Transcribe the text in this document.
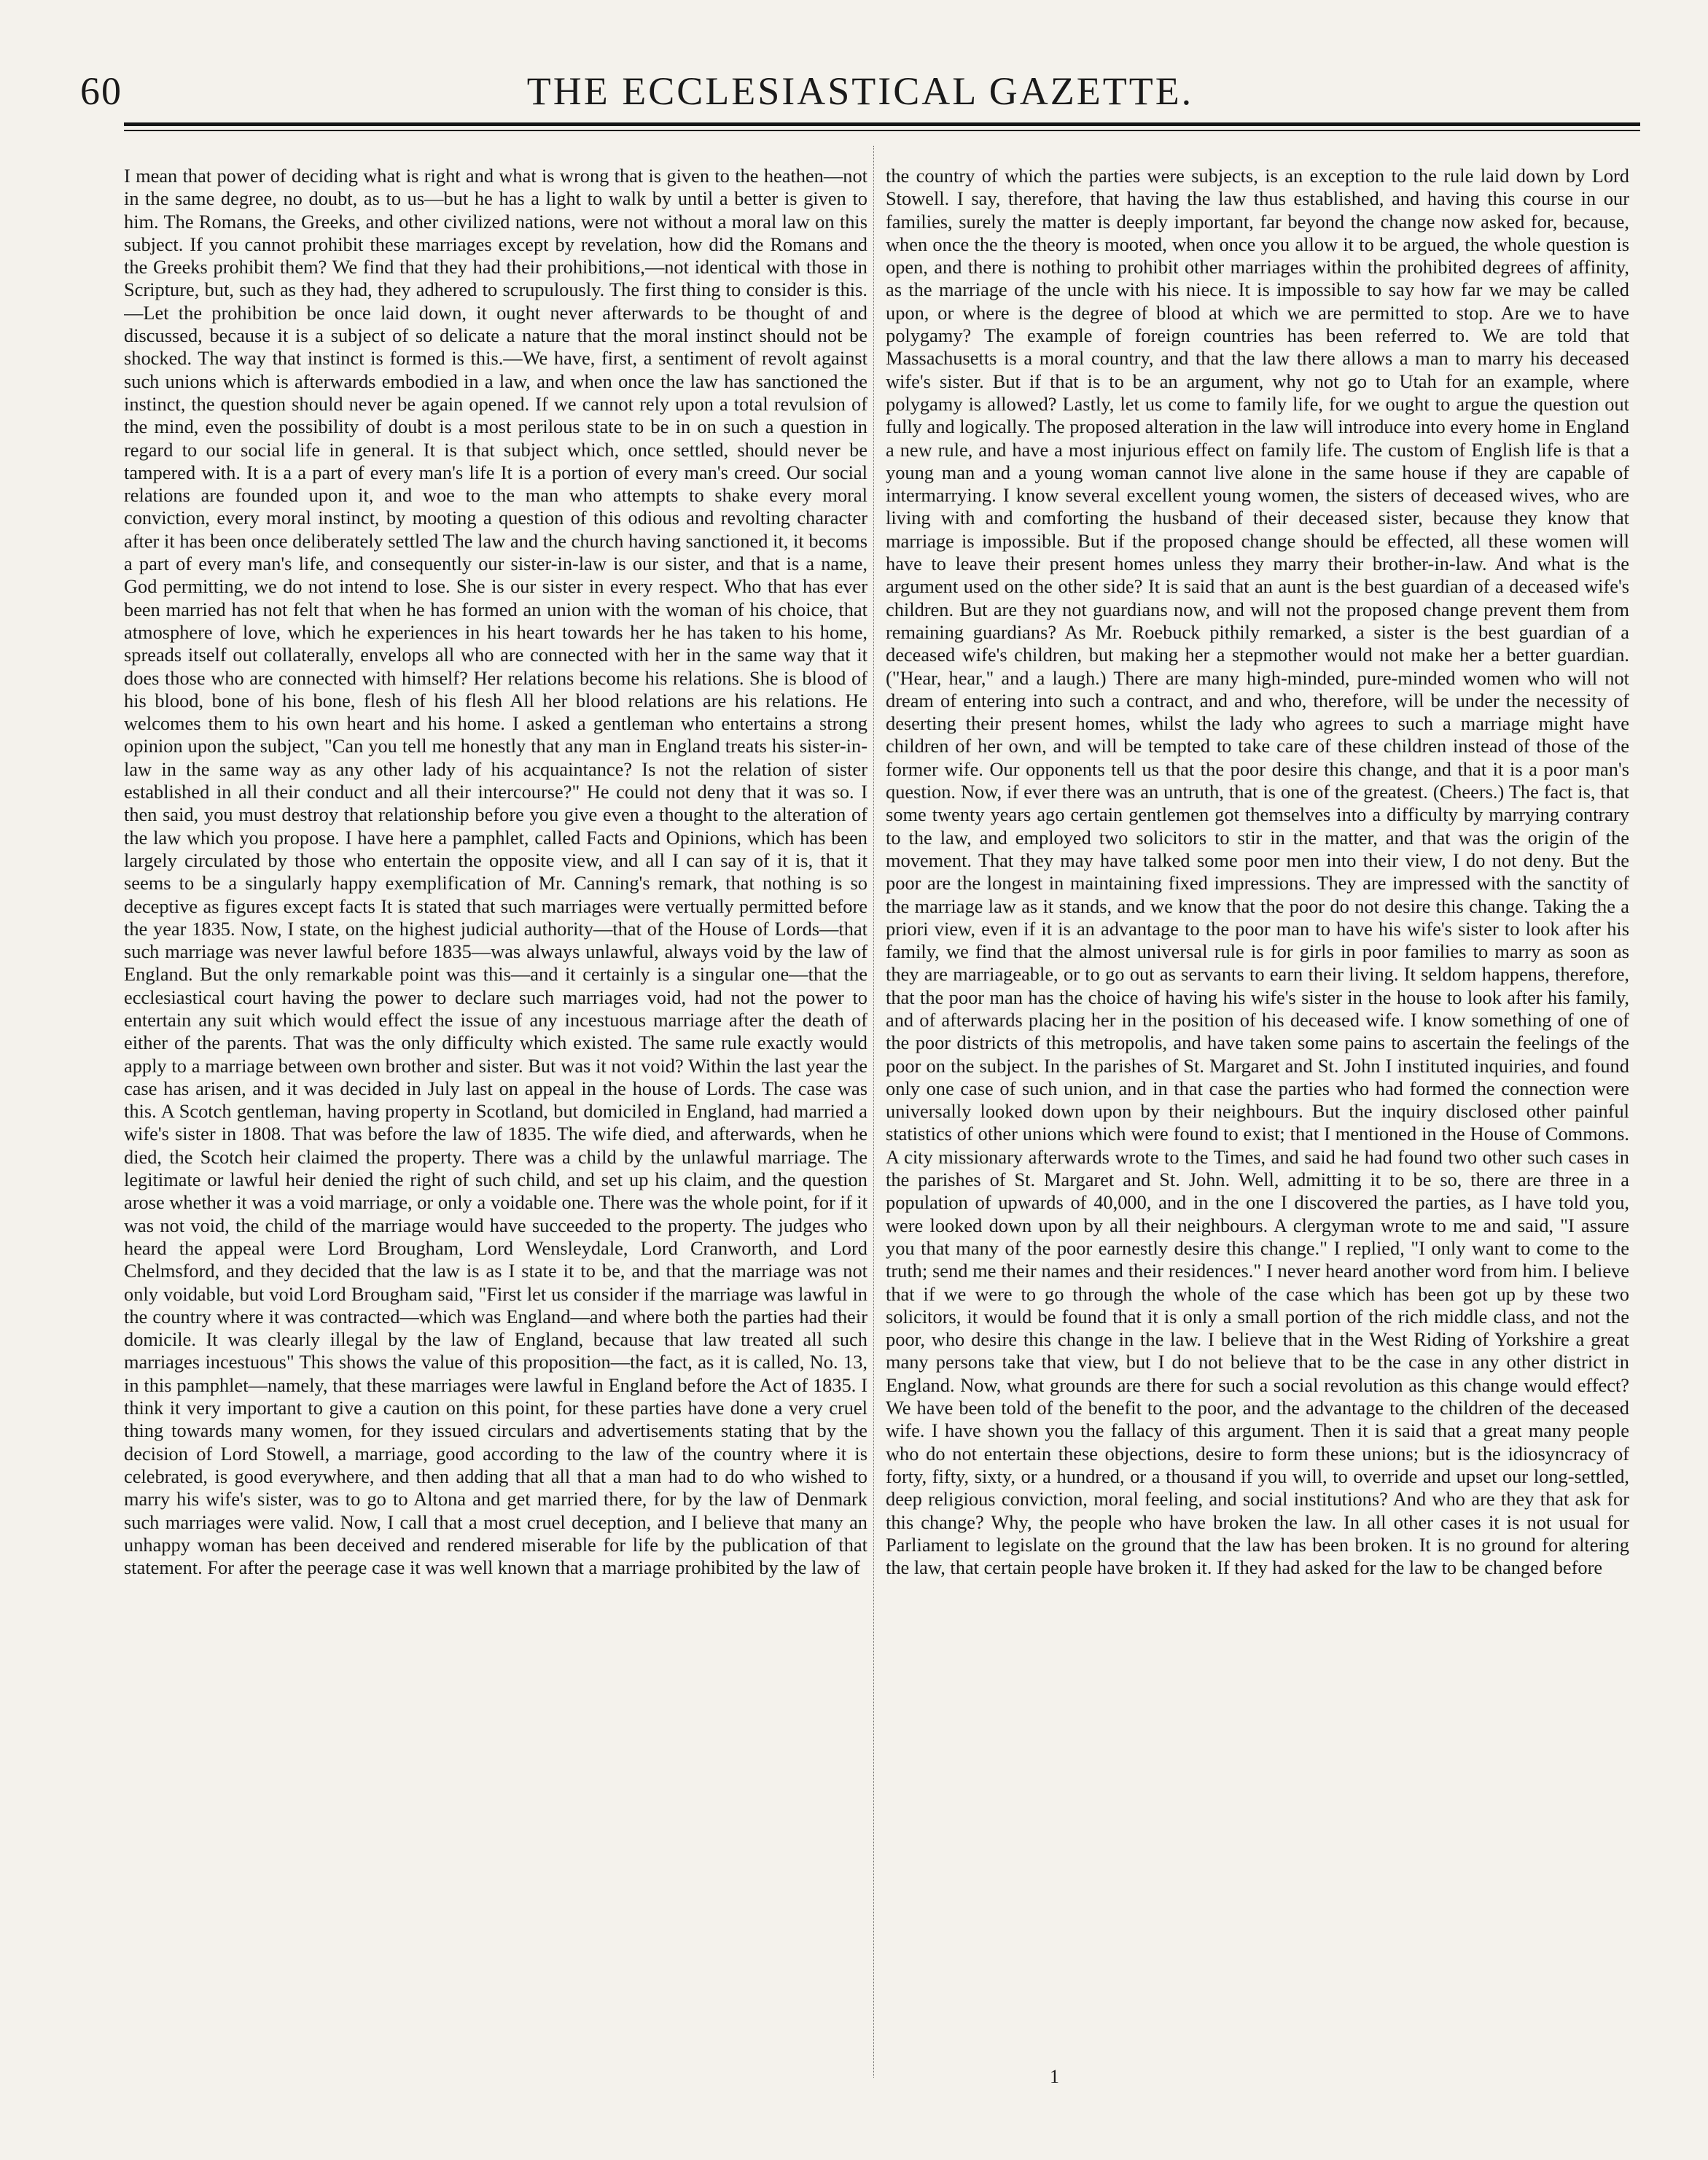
60	THE ECCLESIASTICAL GAZETTE.

I mean that power of deciding what is right and what is wrong that is given to the heathen—not in the same degree, no doubt, as to us—but he has a light to walk by until a better is given to him. The Romans, the Greeks, and other civilized nations, were not without a moral law on this subject. If you cannot prohibit these marriages except by revelation, how did the Romans and the Greeks prohibit them? We find that they had their prohibitions,—not identical with those in Scripture, but, such as they had, they adhered to scrupulously. The first thing to consider is this.—Let the prohibition be once laid down, it ought never afterwards to be thought of and discussed, because it is a subject of so delicate a nature that the moral instinct should not be shocked. The way that instinct is formed is this.—We have, first, a sentiment of revolt against such unions which is afterwards embodied in a law, and when once the law has sanctioned the instinct, the question should never be again opened. If we cannot rely upon a total revulsion of the mind, even the possibility of doubt is a most perilous state to be in on such a question in regard to our social life in general. It is that subject which, once settled, should never be tampered with. It is a a part of every man's life It is a portion of every man's creed. Our social relations are founded upon it, and woe to the man who attempts to shake every moral conviction, every moral instinct, by mooting a question of this odious and revolting character after it has been once deliberately settled The law and the church having sanctioned it, it becoms a part of every man's life, and consequently our sister-in-law is our sister, and that is a name, God permitting, we do not intend to lose. She is our sister in every respect. Who that has ever been married has not felt that when he has formed an union with the woman of his choice, that atmosphere of love, which he experiences in his heart towards her he has taken to his home, spreads itself out collaterally, envelops all who are connected with her in the same way that it does those who are connected with himself? Her relations become his relations. She is blood of his blood, bone of his bone, flesh of his flesh All her blood relations are his relations. He welcomes them to his own heart and his home. I asked a gentleman who entertains a strong opinion upon the subject, "Can you tell me honestly that any man in England treats his sister-in-law in the same way as any other lady of his acquaintance? Is not the relation of sister established in all their conduct and all their intercourse?" He could not deny that it was so. I then said, you must destroy that relationship before you give even a thought to the alteration of the law which you propose. I have here a pamphlet, called Facts and Opinions, which has been largely circulated by those who entertain the opposite view, and all I can say of it is, that it seems to be a singularly happy exemplification of Mr. Canning's remark, that nothing is so deceptive as figures except facts It is stated that such marriages were vertually permitted before the year 1835. Now, I state, on the highest judicial authority—that of the House of Lords—that such marriage was never lawful before 1835—was always unlawful, always void by the law of England. But the only remarkable point was this—and it certainly is a singular one—that the ecclesiastical court having the power to declare such marriages void, had not the power to entertain any suit which would effect the issue of any incestuous marriage after the death of either of the parents. That was the only difficulty which existed. The same rule exactly would apply to a marriage between own brother and sister. But was it not void? Within the last year the case has arisen, and it was decided in July last on appeal in the house of Lords. The case was this. A Scotch gentleman, having property in Scotland, but domiciled in England, had married a wife's sister in 1808. That was before the law of 1835. The wife died, and afterwards, when he died, the Scotch heir claimed the property. There was a child by the unlawful marriage. The legitimate or lawful heir denied the right of such child, and set up his claim, and the question arose whether it was a void marriage, or only a voidable one. There was the whole point, for if it was not void, the child of the marriage would have succeeded to the property. The judges who heard the appeal were Lord Brougham, Lord Wensleydale, Lord Cranworth, and Lord Chelmsford, and they decided that the law is as I state it to be, and that the marriage was not only voidable, but void Lord Brougham said, "First let us consider if the marriage was lawful in the country where it was contracted—which was England—and where both the parties had their domicile. It was clearly illegal by the law of England, because that law treated all such marriages incestuous" This shows the value of this proposition—the fact, as it is called, No. 13, in this pamphlet—namely, that these marriages were lawful in England before the Act of 1835. I think it very important to give a caution on this point, for these parties have done a very cruel thing towards many women, for they issued circulars and advertisements stating that by the decision of Lord Stowell, a marriage, good according to the law of the country where it is celebrated, is good everywhere, and then adding that all that a man had to do who wished to marry his wife's sister, was to go to Altona and get married there, for by the law of Denmark such marriages were valid. Now, I call that a most cruel deception, and I believe that many an unhappy woman has been deceived and rendered miserable for life by the publication of that statement. For after the peerage case it was well known that a marriage prohibited by the law of

the country of which the parties were subjects, is an exception to the rule laid down by Lord Stowell. I say, therefore, that having the law thus established, and having this course in our families, surely the matter is deeply important, far beyond the change now asked for, because, when once the the theory is mooted, when once you allow it to be argued, the whole question is open, and there is nothing to prohibit other marriages within the prohibited degrees of affinity, as the marriage of the uncle with his niece. It is impossible to say how far we may be called upon, or where is the degree of blood at which we are permitted to stop. Are we to have polygamy? The example of foreign countries has been referred to. We are told that Massachusetts is a moral country, and that the law there allows a man to marry his deceased wife's sister. But if that is to be an argument, why not go to Utah for an example, where polygamy is allowed? Lastly, let us come to family life, for we ought to argue the question out fully and logically. The proposed alteration in the law will introduce into every home in England a new rule, and have a most injurious effect on family life. The custom of English life is that a young man and a young woman cannot live alone in the same house if they are capable of intermarrying. I know several excellent young women, the sisters of deceased wives, who are living with and comforting the husband of their deceased sister, because they know that marriage is impossible. But if the proposed change should be effected, all these women will have to leave their present homes unless they marry their brother-in-law. And what is the argument used on the other side? It is said that an aunt is the best guardian of a deceased wife's children. But are they not guardians now, and will not the proposed change prevent them from remaining guardians? As Mr. Roebuck pithily remarked, a sister is the best guardian of a deceased wife's children, but making her a stepmother would not make her a better guardian. ("Hear, hear," and a laugh.) There are many high-minded, pure-minded women who will not dream of entering into such a contract, and and who, therefore, will be under the necessity of deserting their present homes, whilst the lady who agrees to such a marriage might have children of her own, and will be tempted to take care of these children instead of those of the former wife. Our opponents tell us that the poor desire this change, and that it is a poor man's question. Now, if ever there was an untruth, that is one of the greatest. (Cheers.) The fact is, that some twenty years ago certain gentlemen got themselves into a difficulty by marrying contrary to the law, and employed two solicitors to stir in the matter, and that was the origin of the movement. That they may have talked some poor men into their view, I do not deny. But the poor are the longest in maintaining fixed impressions. They are impressed with the sanctity of the marriage law as it stands, and we know that the poor do not desire this change. Taking the a priori view, even if it is an advantage to the poor man to have his wife's sister to look after his family, we find that the almost universal rule is for girls in poor families to marry as soon as they are marriageable, or to go out as servants to earn their living. It seldom happens, therefore, that the poor man has the choice of having his wife's sister in the house to look after his family, and of afterwards placing her in the position of his deceased wife. I know something of one of the poor districts of this metropolis, and have taken some pains to ascertain the feelings of the poor on the subject. In the parishes of St. Margaret and St. John I instituted inquiries, and found only one case of such union, and in that case the parties who had formed the connection were universally looked down upon by their neighbours. But the inquiry disclosed other painful statistics of other unions which were found to exist; that I mentioned in the House of Commons. A city missionary afterwards wrote to the Times, and said he had found two other such cases in the parishes of St. Margaret and St. John. Well, admitting it to be so, there are three in a population of upwards of 40,000, and in the one I discovered the parties, as I have told you, were looked down upon by all their neighbours. A clergyman wrote to me and said, "I assure you that many of the poor earnestly desire this change." I replied, "I only want to come to the truth; send me their names and their residences." I never heard another word from him. I believe that if we were to go through the whole of the case which has been got up by these two solicitors, it would be found that it is only a small portion of the rich middle class, and not the poor, who desire this change in the law. I believe that in the West Riding of Yorkshire a great many persons take that view, but I do not believe that to be the case in any other district in England. Now, what grounds are there for such a social revolution as this change would effect? We have been told of the benefit to the poor, and the advantage to the children of the deceased wife. I have shown you the fallacy of this argument. Then it is said that a great many people who do not entertain these objections, desire to form these unions; but is the idiosyncracy of forty, fifty, sixty, or a hundred, or a thousand if you will, to override and upset our long-settled, deep religious conviction, moral feeling, and social institutions? And who are they that ask for this change? Why, the people who have broken the law. In all other cases it is not usual for Parliament to legislate on the ground that the law has been broken. It is no ground for altering the law, that certain people have broken it. If they had asked for the law to be changed before

1
